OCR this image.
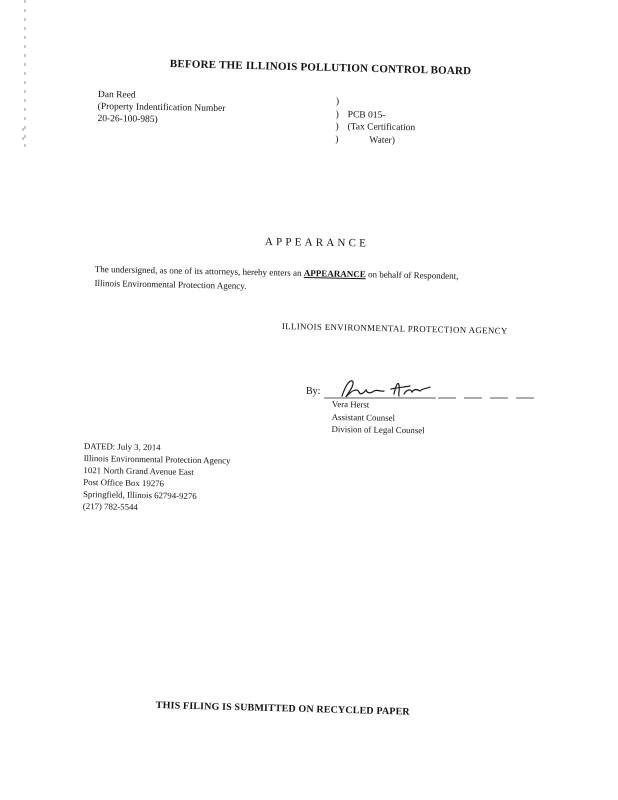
BEFORE THE ILLINOIS POLLUTION CONTROL BOARD
Dan Reed
(Property Indentification Number
20-26-100-985)
)
) PCB 015-
) (Tax Certification
)	Water)
APPEARANCE
The undersigned, as one of its attorneys, hereby enters an APPEARANCE on behalf of Respondent,
Illinois Environmental Protection Agency.
ILLINOIS ENVIRONMENTAL PROTECTION AGENCY
By:
Vera Herst
Assistant Counsel
Division of Legal Counsel
DATED: July 3, 2014
Illinois Environmental Protection Agency
1021 North Grand Avenue East
Post Office Box 19276
Springfield, Illinois 62794-9276
(217) 782-5544
THIS FILING IS SUBMITTED ON RECYCLED PAPER
